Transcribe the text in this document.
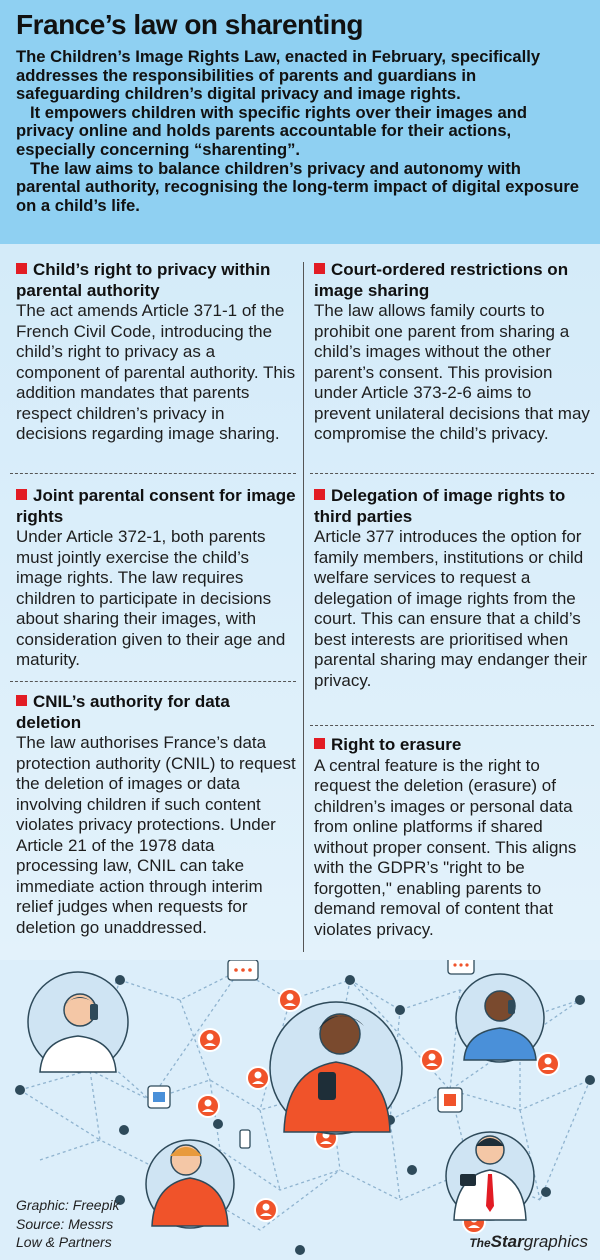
France’s law on sharenting

The Children’s Image Rights Law, enacted in February, specifically addresses the responsibilities of parents and guardians in safeguarding children’s digital privacy and image rights.

It empowers children with specific rights over their images and privacy online and holds parents accountable for their actions, especially concerning “sharenting”.

The law aims to balance children’s privacy and autonomy with parental authority, recognising the long-term impact of digital exposure on a child’s life.

Child’s right to privacy within parental authority
The act amends Article 371-1 of the French Civil Code, introducing the child’s right to privacy as a component of parental authority. This addition mandates that parents respect children’s privacy in decisions regarding image sharing.
Joint parental consent for image rights
Under Article 372-1, both parents must jointly exercise the child’s image rights. The law requires children to participate in decisions about sharing their images, with consideration given to their age and maturity.
CNIL’s authority for data deletion
The law authorises France’s data protection authority (CNIL) to request the deletion of images or data involving children if such content violates privacy protections. Under Article 21 of the 1978 data processing law, CNIL can take immediate action through interim relief judges when requests for deletion go unaddressed.
Court-ordered restrictions on image sharing
The law allows family courts to prohibit one parent from sharing a child’s images without the other parent’s consent. This provision under Article 373-2-6 aims to prevent unilateral decisions that may compromise the child’s privacy.
Delegation of image rights to third parties
Article 377 introduces the option for family members, institutions or child welfare services to request a delegation of image rights from the court. This can ensure that a child’s best interests are prioritised when parental sharing may endanger their privacy.
Right to erasure
A central feature is the right to request the deletion (erasure) of children’s images or personal data from online platforms if shared without proper consent. This aligns with the GDPR’s "right to be forgotten," enabling parents to demand removal of content that violates privacy.
Graphic: Freepik
Source: Messrs
Low & Partners	TheStargraphics
